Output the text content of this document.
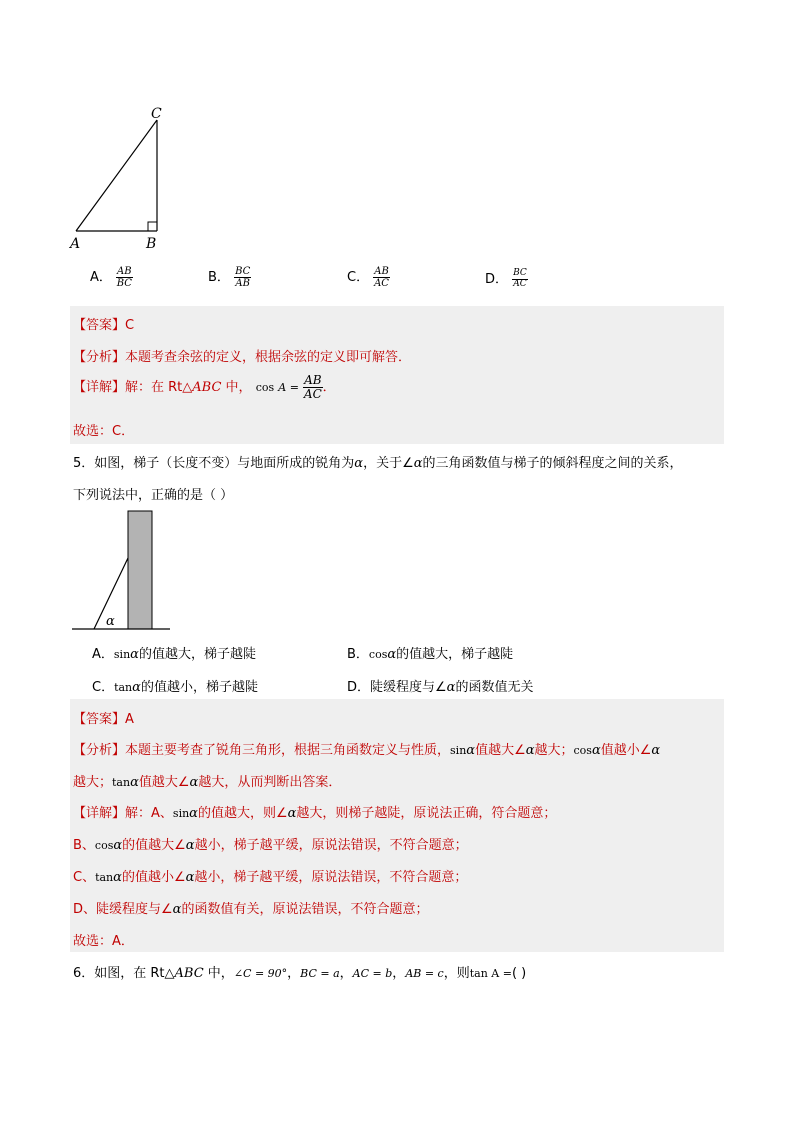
C
A	B
A． $\frac{AB}{BC}$	B． $\frac{BC}{AB}$	C． $\frac{AB}{AC}$	D． $\frac{BC}{AC}$
【答案】C
【分析】本题考查余弦的定义，根据余弦的定义即可解答．
【详解】解：在 Rt△ABC 中， $\cos A = \frac{AB}{AC}$ ．
故选：C．
5．如图，梯子（长度不变）与地面所成的锐角为α，关于∠α的三角函数值与梯子的倾斜程度之间的关系，
下列说法中，正确的是（ ）
α
A．sinα的值越大，梯子越陡	B．cosα的值越大，梯子越陡
C．tanα的值越小，梯子越陡	D．陡缓程度与∠α的函数值无关
【答案】A
【分析】本题主要考查了锐角三角形，根据三角函数定义与性质，sinα值越大∠α越大；cosα值越小∠α
越大；tanα值越大∠α越大，从而判断出答案．
【详解】解：A、sinα的值越大，则∠α越大，则梯子越陡，原说法正确，符合题意；
B、cosα的值越大∠α越小，梯子越平缓，原说法错误，不符合题意；
C、tanα的值越小∠α越小，梯子越平缓，原说法错误，不符合题意；
D、陡缓程度与∠α的函数值有关，原说法错误，不符合题意；
故选：A．
6．如图，在 Rt△ABC 中，∠C = 90°，BC = a，AC = b，AB = c，则tan A =( )
